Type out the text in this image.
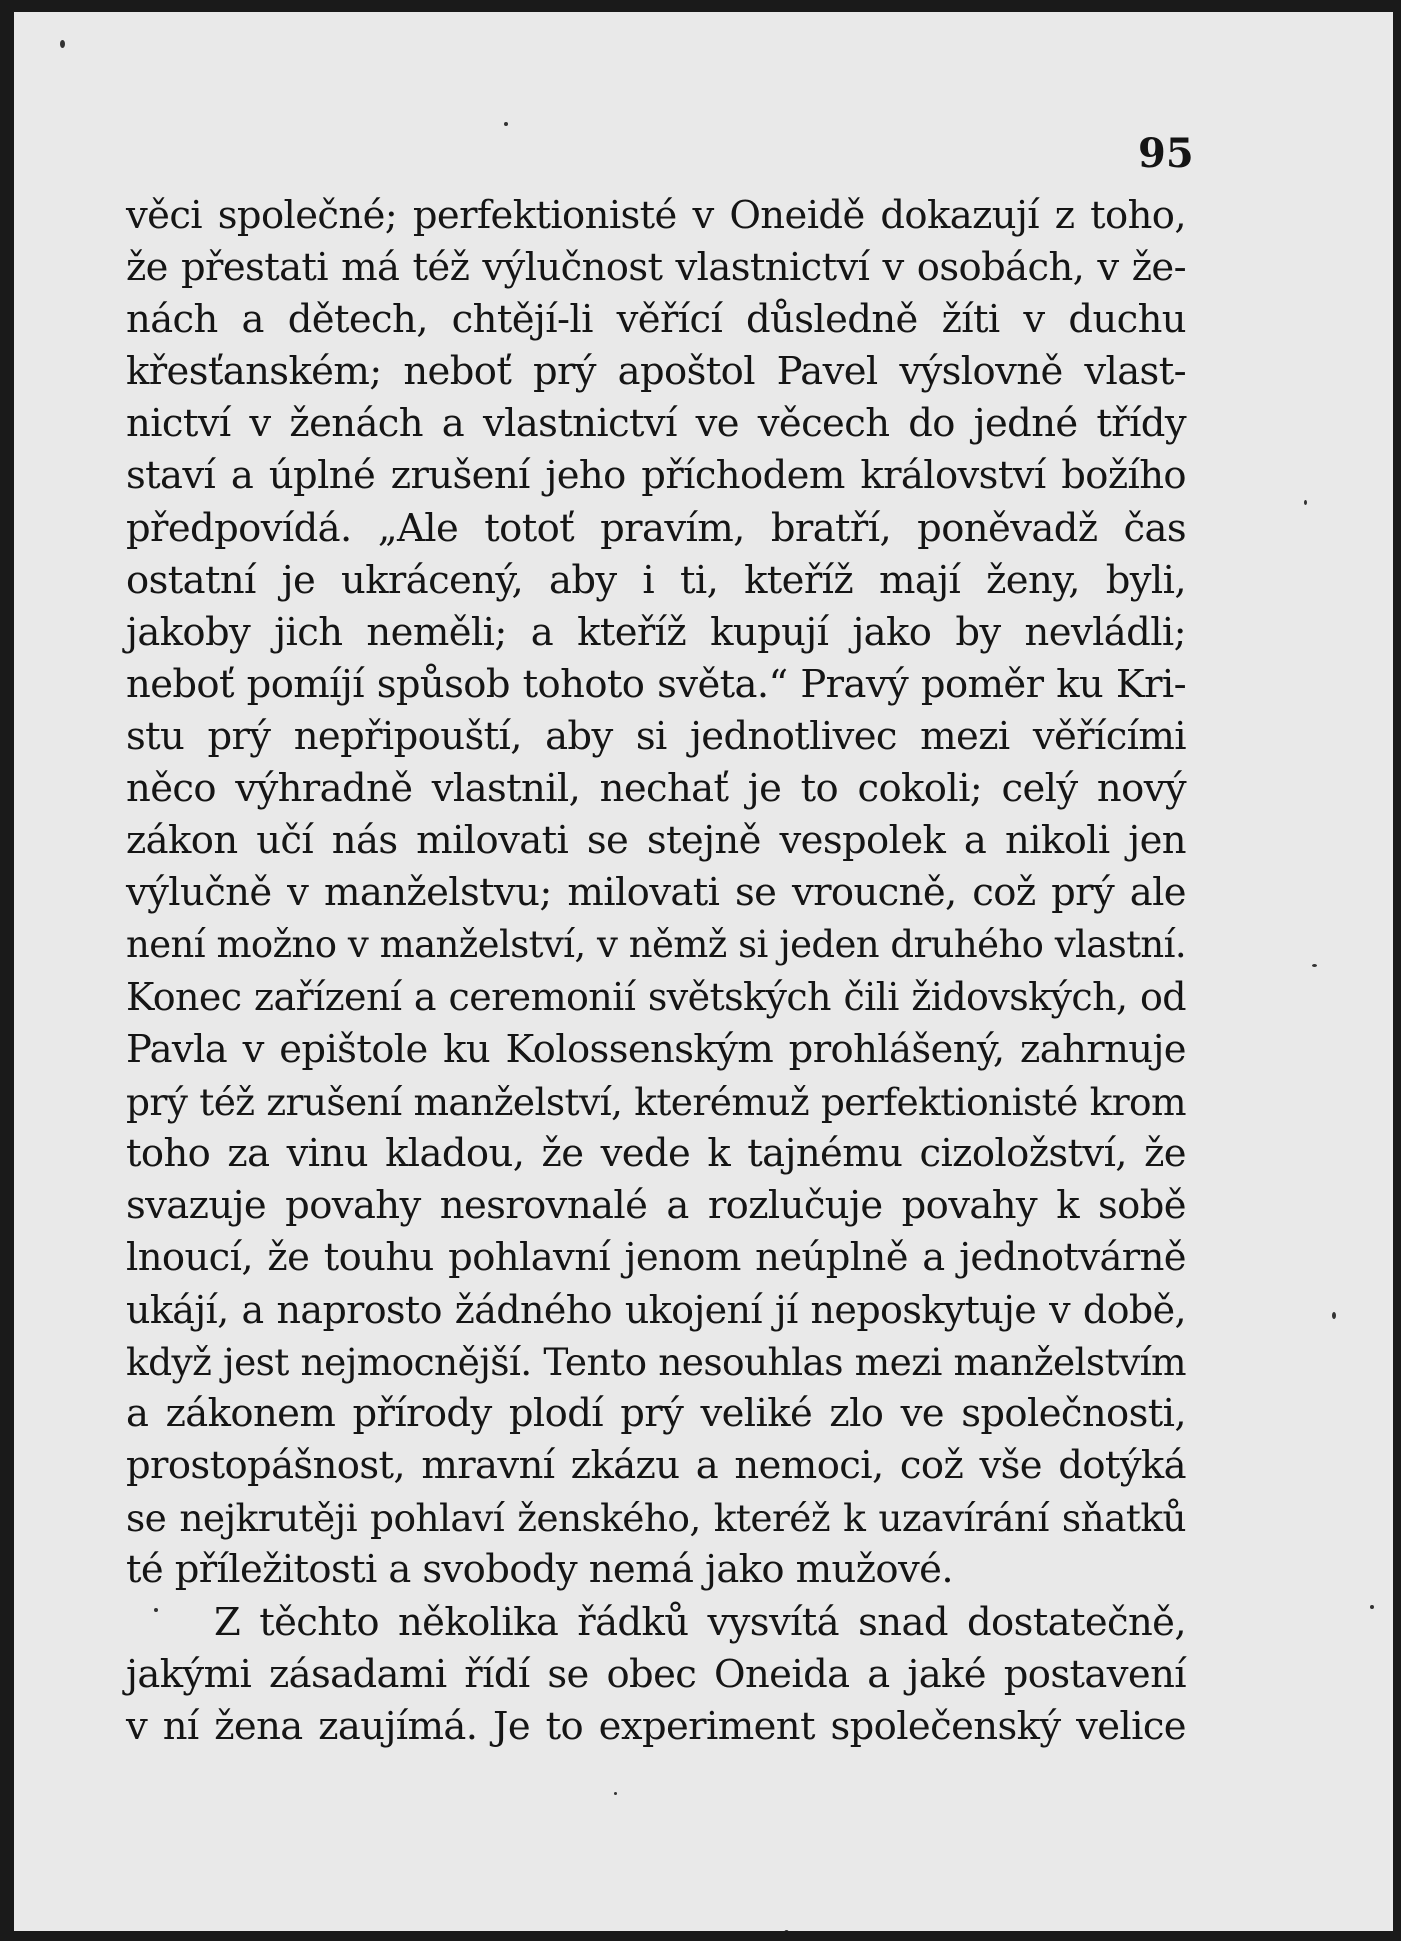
95
věci společné; perfektionisté v Oneidě dokazují z toho,
že přestati má též výlučnost vlastnictví v osobách, v že-
nách a dětech, chtějí-li věřící důsledně žíti v duchu
křesťanském; neboť prý apoštol Pavel výslovně vlast-
nictví v ženách a vlastnictví ve věcech do jedné třídy
staví a úplné zrušení jeho příchodem království božího
předpovídá. „Ale totoť pravím, bratří, poněvadž čas
ostatní je ukrácený, aby i ti, kteříž mají ženy, byli,
jakoby jich neměli; a kteříž kupují jako by nevládli;
neboť pomíjí spůsob tohoto světa.“ Pravý poměr ku Kri-
stu prý nepřipouští, aby si jednotlivec mezi věřícími
něco výhradně vlastnil, nechať je to cokoli; celý nový
zákon učí nás milovati se stejně vespolek a nikoli jen
výlučně v manželstvu; milovati se vroucně, což prý ale
není možno v manželství, v němž si jeden druhého vlastní.
Konec zařízení a ceremonií světských čili židovských, od
Pavla v epištole ku Kolossenským prohlášený, zahrnuje
prý též zrušení manželství, kterémuž perfektionisté krom
toho za vinu kladou, že vede k tajnému cizoložství, že
svazuje povahy nesrovnalé a rozlučuje povahy k sobě
lnoucí, že touhu pohlavní jenom neúplně a jednotvárně
ukájí, a naprosto žádného ukojení jí neposkytuje v době,
když jest nejmocnější. Tento nesouhlas mezi manželstvím
a zákonem přírody plodí prý veliké zlo ve společnosti,
prostopášnost, mravní zkázu a nemoci, což vše dotýká
se nejkrutěji pohlaví ženského, kteréž k uzavírání sňatků
té příležitosti a svobody nemá jako mužové.
Z těchto několika řádků vysvítá snad dostatečně,
jakými zásadami řídí se obec Oneida a jaké postavení
v ní žena zaujímá. Je to experiment společenský velice
